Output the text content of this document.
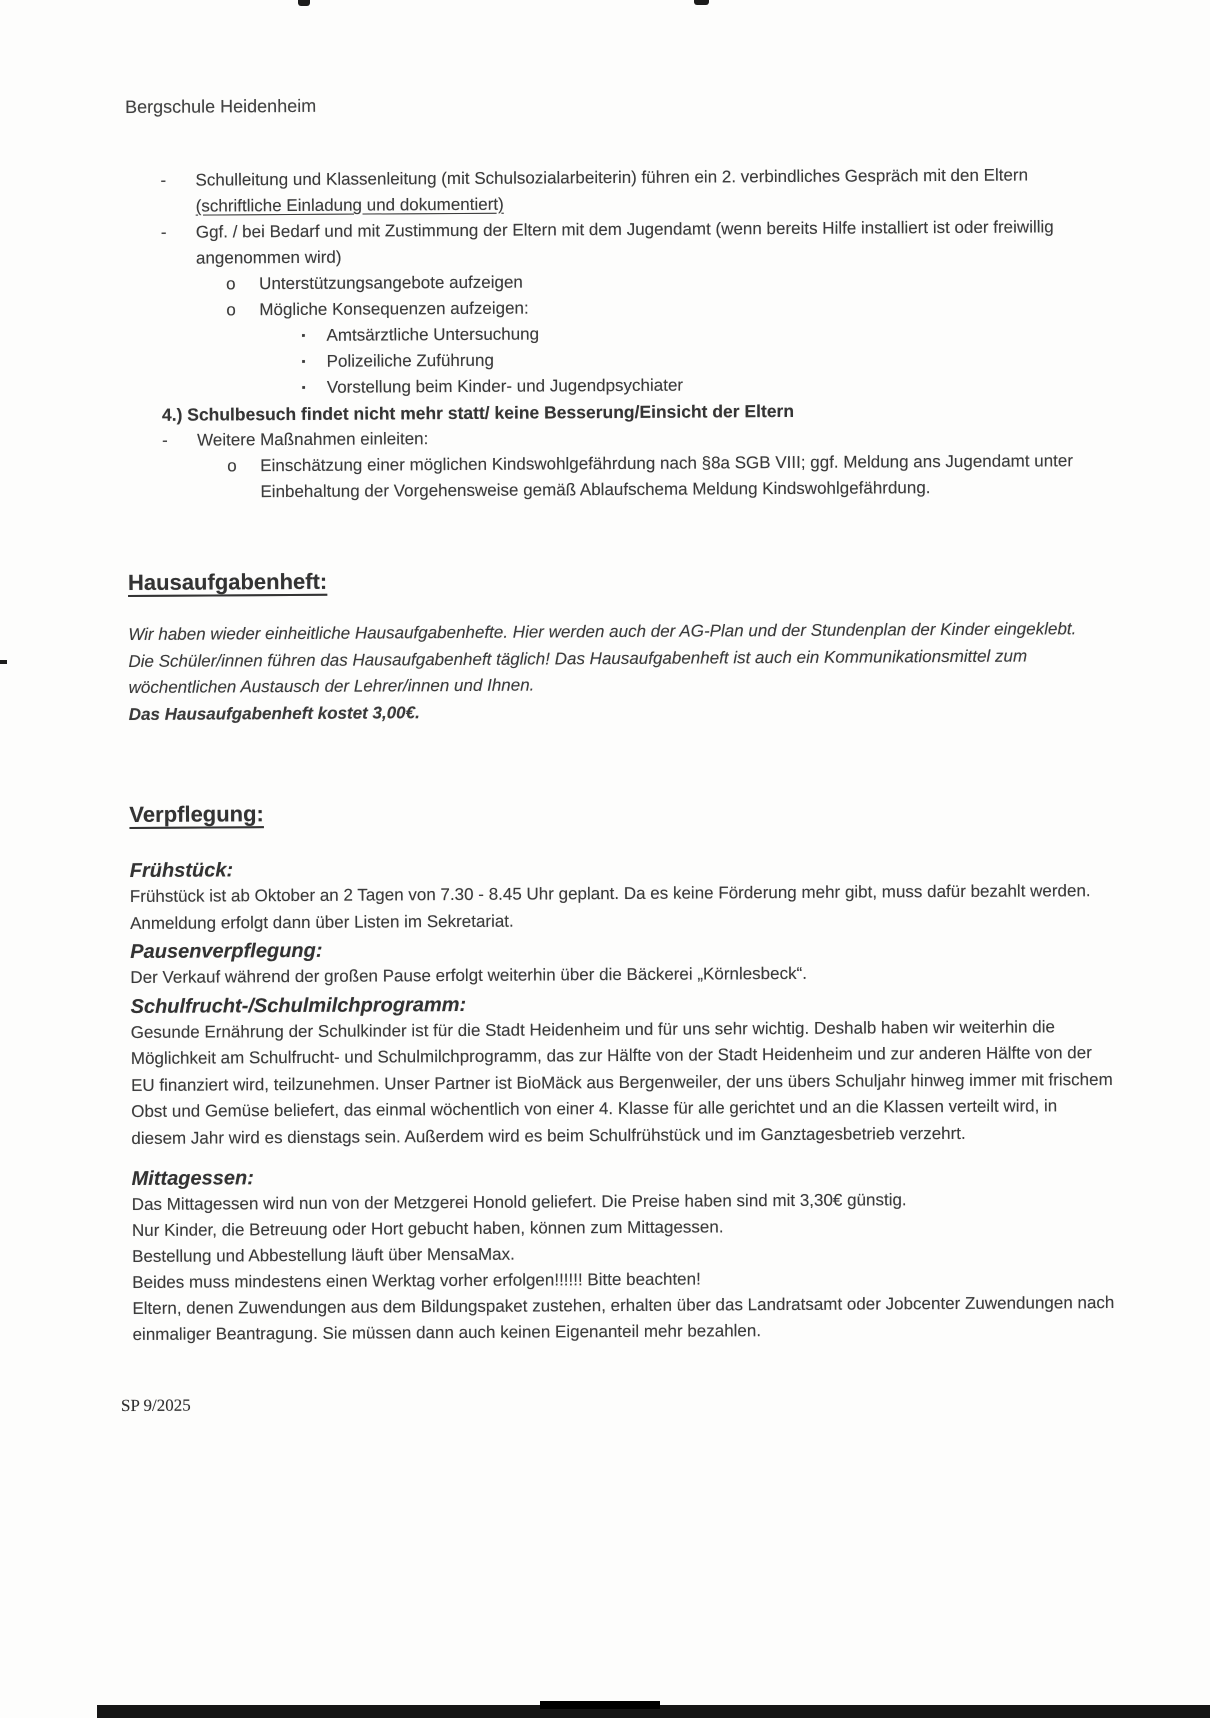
Bergschule Heidenheim
-	Schulleitung und Klassenleitung (mit Schulsozialarbeiterin) führen ein 2. verbindliches Gespräch mit den Eltern (schriftliche Einladung und dokumentiert)
-	Ggf. / bei Bedarf und mit Zustimmung der Eltern mit dem Jugendamt (wenn bereits Hilfe installiert ist oder freiwillig angenommen wird)
o	Unterstützungsangebote aufzeigen
o	Mögliche Konsequenzen aufzeigen:
▪	Amtsärztliche Untersuchung
▪	Polizeiliche Zuführung
▪	Vorstellung beim Kinder- und Jugendpsychiater
4.) Schulbesuch findet nicht mehr statt/ keine Besserung/Einsicht der Eltern
-	Weitere Maßnahmen einleiten:
o	Einschätzung einer möglichen Kindswohlgefährdung nach §8a SGB VIII; ggf. Meldung ans Jugendamt unter Einbehaltung der Vorgehensweise gemäß Ablaufschema Meldung Kindswohlgefährdung.
Hausaufgabenheft:

Wir haben wieder einheitliche Hausaufgabenhefte. Hier werden auch der AG-Plan und der Stundenplan der Kinder eingeklebt.

Die Schüler/innen führen das Hausaufgabenheft täglich! Das Hausaufgabenheft ist auch ein Kommunikationsmittel zum wöchentlichen Austausch der Lehrer/innen und Ihnen.

Das Hausaufgabenheft kostet 3,00€.

Verpflegung:
Frühstück:
Frühstück ist ab Oktober an 2 Tagen von 7.30 - 8.45 Uhr geplant. Da es keine Förderung mehr gibt, muss dafür bezahlt werden. Anmeldung erfolgt dann über Listen im Sekretariat.
Pausenverpflegung:
Der Verkauf während der großen Pause erfolgt weiterhin über die Bäckerei „Körnlesbeck“.
Schulfrucht-/Schulmilchprogramm:
Gesunde Ernährung der Schulkinder ist für die Stadt Heidenheim und für uns sehr wichtig. Deshalb haben wir weiterhin die Möglichkeit am Schulfrucht- und Schulmilchprogramm, das zur Hälfte von der Stadt Heidenheim und zur anderen Hälfte von der EU finanziert wird, teilzunehmen. Unser Partner ist BioMäck aus Bergenweiler, der uns übers Schuljahr hinweg immer mit frischem Obst und Gemüse beliefert, das einmal wöchentlich von einer 4. Klasse für alle gerichtet und an die Klassen verteilt wird, in diesem Jahr wird es dienstags sein. Außerdem wird es beim Schulfrühstück und im Ganztagesbetrieb verzehrt.
Mittagessen:

Das Mittagessen wird nun von der Metzgerei Honold geliefert. Die Preise haben sind mit 3,30€ günstig.

Nur Kinder, die Betreuung oder Hort gebucht haben, können zum Mittagessen.

Bestellung und Abbestellung läuft über MensaMax.

Beides muss mindestens einen Werktag vorher erfolgen!!!!!! Bitte beachten!

Eltern, denen Zuwendungen aus dem Bildungspaket zustehen, erhalten über das Landratsamt oder Jobcenter Zuwendungen nach einmaliger Beantragung. Sie müssen dann auch keinen Eigenanteil mehr bezahlen.

SP 9/2025
